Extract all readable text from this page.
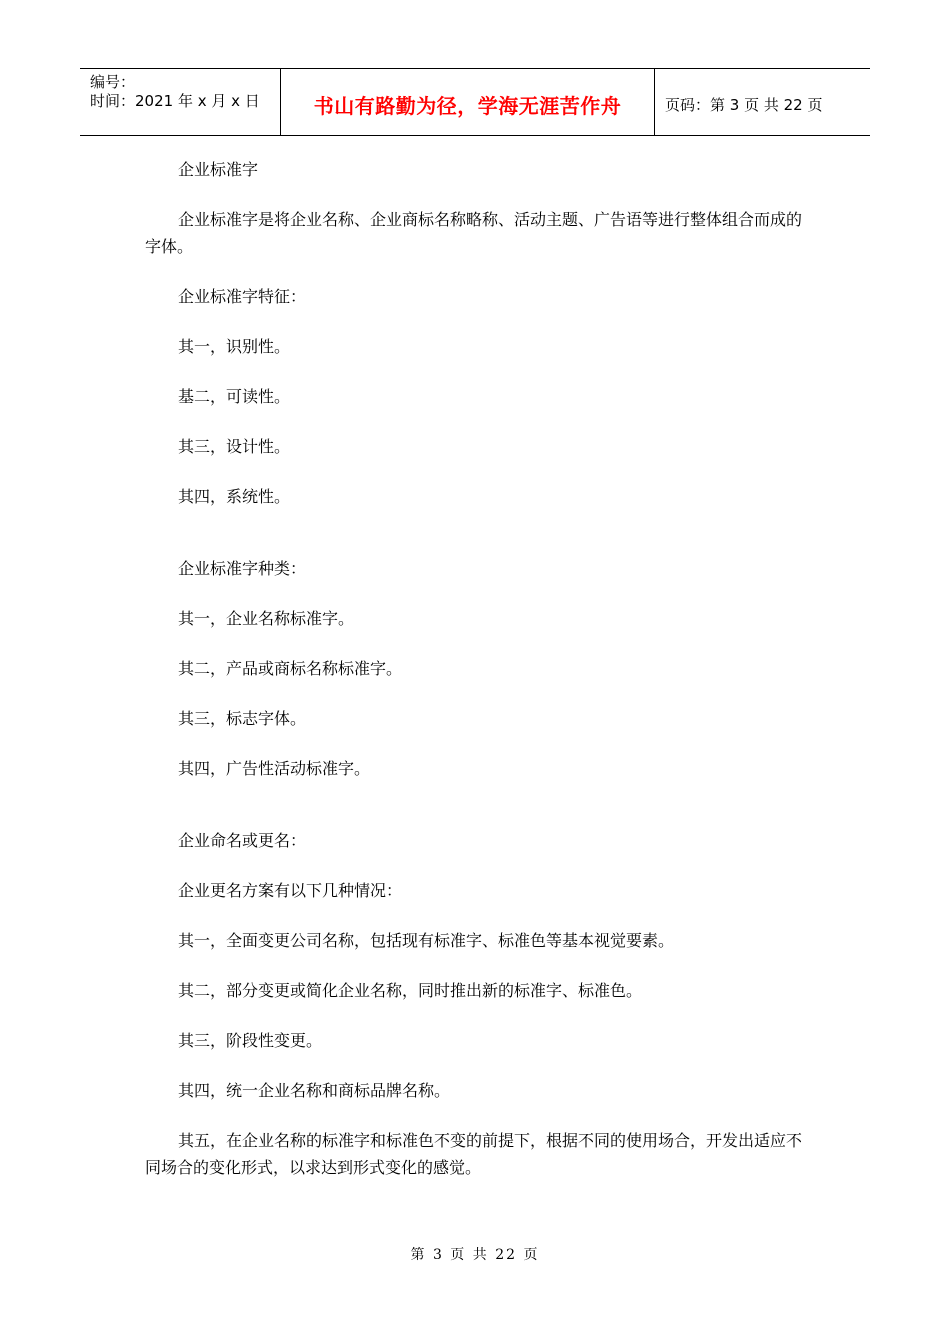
编号：
时间：2021 年 x 月 x 日	书山有路勤为径，学海无涯苦作舟	页码：第 3 页 共 22 页

企业标准字

企业标准字是将企业名称、企业商标名称略称、活动主题、广告语等进行整体组合而成的字体。

企业标准字特征：

其一，识别性。

基二，可读性。

其三，设计性。

其四，系统性。

企业标准字种类：

其一，企业名称标准字。

其二，产品或商标名称标准字。

其三，标志字体。

其四，广告性活动标准字。

企业命名或更名：

企业更名方案有以下几种情况：

其一，全面变更公司名称，包括现有标准字、标准色等基本视觉要素。

其二，部分变更或简化企业名称，同时推出新的标准字、标准色。

其三，阶段性变更。

其四，统一企业名称和商标品牌名称。

其五，在企业名称的标准字和标准色不变的前提下，根据不同的使用场合，开发出适应不同场合的变化形式，以求达到形式变化的感觉。

第 3 页 共 22 页
